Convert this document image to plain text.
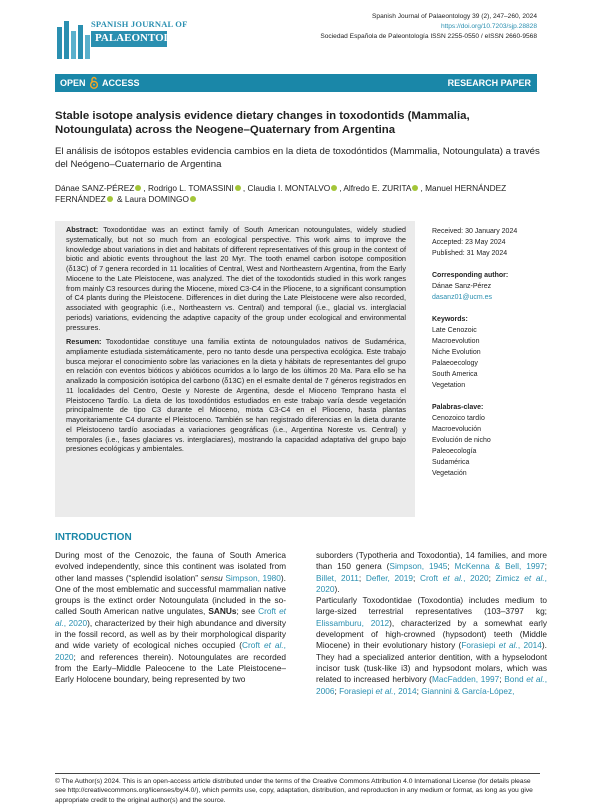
SPANISH JOURNAL OF
PALAEONTOLOGY
Spanish Journal of Palaeontology 39 (2), 247–260, 2024
https://doi.org/10.7203/sjp.28828
Sociedad Española de Paleontología ISSN 2255-0550 / eISSN 2660-9568
OPEN ACCESS	RESEARCH PAPER
Stable isotope analysis evidence dietary changes in toxodontids (Mammalia, Notoungulata) across the Neogene–Quaternary from Argentina
El análisis de isótopos estables evidencia cambios en la dieta de toxodóntidos (Mammalia, Notoungulata) a través del Neógeno–Cuaternario de Argentina
Dánae SANZ-PÉREZ , Rodrigo L. TOMASSINI , Claudia I. MONTALVO , Alfredo E. ZURITA , Manuel HERNÁNDEZ FERNÁNDEZ & Laura DOMINGO
Abstract: Toxodontidae was an extinct family of South American notoungulates, widely studied systematically, but not so much from an ecological perspective. This work aims to improve the knowledge about variations in diet and habitats of different representatives of this group in the context of biotic and abiotic events throughout the last 20 Myr. The tooth enamel carbon isotope composition (δ13C) of 7 genera recorded in 11 localities of Central, West and Northeastern Argentina, from the Early Miocene to the Late Pleistocene, was analyzed. The diet of the toxodontids studied in this work ranges from mainly C3 resources during the Miocene, mixed C3-C4 in the Pliocene, to a significant consumption of C4 plants during the Pleistocene. Differences in diet during the Late Pleistocene were also recorded, associated with geographic (i.e., Northeastern vs. Central) and temporal (i.e., glacial vs. interglacial periods) variations, evidencing the adaptive capacity of the group under ecological and environmental pressures.
Resumen: Toxodontidae constituye una familia extinta de notoungulados nativos de Sudamérica, ampliamente estudiada sistemáticamente, pero no tanto desde una perspectiva ecológica. Este trabajo busca mejorar el conocimiento sobre las variaciones en la dieta y hábitats de representantes del grupo en relación con eventos bióticos y abióticos ocurridos a lo largo de los últimos 20 Ma. Para ello se ha analizado la composición isotópica del carbono (δ13C) en el esmalte dental de 7 géneros registrados en 11 localidades del Centro, Oeste y Noreste de Argentina, desde el Mioceno Temprano hasta el Pleistoceno Tardío. La dieta de los toxodóntidos estudiados en este trabajo varía desde vegetación principalmente de tipo C3 durante el Mioceno, mixta C3-C4 en el Plioceno, hasta plantas mayoritariamente C4 durante el Pleistoceno. También se han registrado diferencias en la dieta durante el Pleistoceno tardío asociadas a variaciones geográficas (i.e., Argentina Noreste vs. Central) y temporales (i.e., fases glaciares vs. interglaciares), mostrando la capacidad adaptativa del grupo bajo presiones ecológicas y ambientales.
Received: 30 January 2024
Accepted: 23 May 2024
Published: 31 May 2024
Corresponding author:
Dánae Sanz-Pérez
dasanz01@ucm.es
Keywords:
Late Cenozoic
Macroevolution
Niche Evolution
Palaeoecology
South America
Vegetation
Palabras-clave:
Cenozoico tardío
Macroevolución
Evolución de nicho
Paleoecología
Sudamérica
Vegetación
INTRODUCTION
During most of the Cenozoic, the fauna of South America evolved independently, since this continent was isolated from other land masses (“splendid isolation” sensu Simpson, 1980). One of the most emblematic and successful mammalian native groups is the extinct order Notoungulata (included in the so-called South American native ungulates, SANUs; see Croft et al., 2020), characterized by their high abundance and diversity in the fossil record, as well as by their morphological disparity and wide variety of ecological niches occupied (Croft et al., 2020; and references therein). Notoungulates are recorded from the Early–Middle Paleocene to the Late Pleistocene–Early Holocene boundary, being represented by two
suborders (Typotheria and Toxodontia), 14 families, and more than 150 genera (Simpson, 1945; McKenna & Bell, 1997; Billet, 2011; Defler, 2019; Croft et al., 2020; Zimicz et al., 2020).
Particularly Toxodontidae (Toxodontia) includes medium to large-sized terrestrial representatives (103–3797 kg; Elissamburu, 2012), characterized by a somewhat early development of high-crowned (hypsodont) teeth (Middle Miocene) in their evolutionary history (Forasiepi et al., 2014). They had a specialized anterior dentition, with a hypselodont incisor tusk (tusk-like i3) and hypsodont molars, which was related to increased herbivory (MacFadden, 1997; Bond et al., 2006; Forasiepi et al., 2014; Giannini & García-López,
© The Author(s) 2024. This is an open-access article distributed under the terms of the Creative Commons Attribution 4.0 International License (for details please see http://creativecommons.org/licenses/by/4.0/), which permits use, copy, adaptation, distribution, and reproduction in any medium or format, as long as you give appropriate credit to the original author(s) and the source.
